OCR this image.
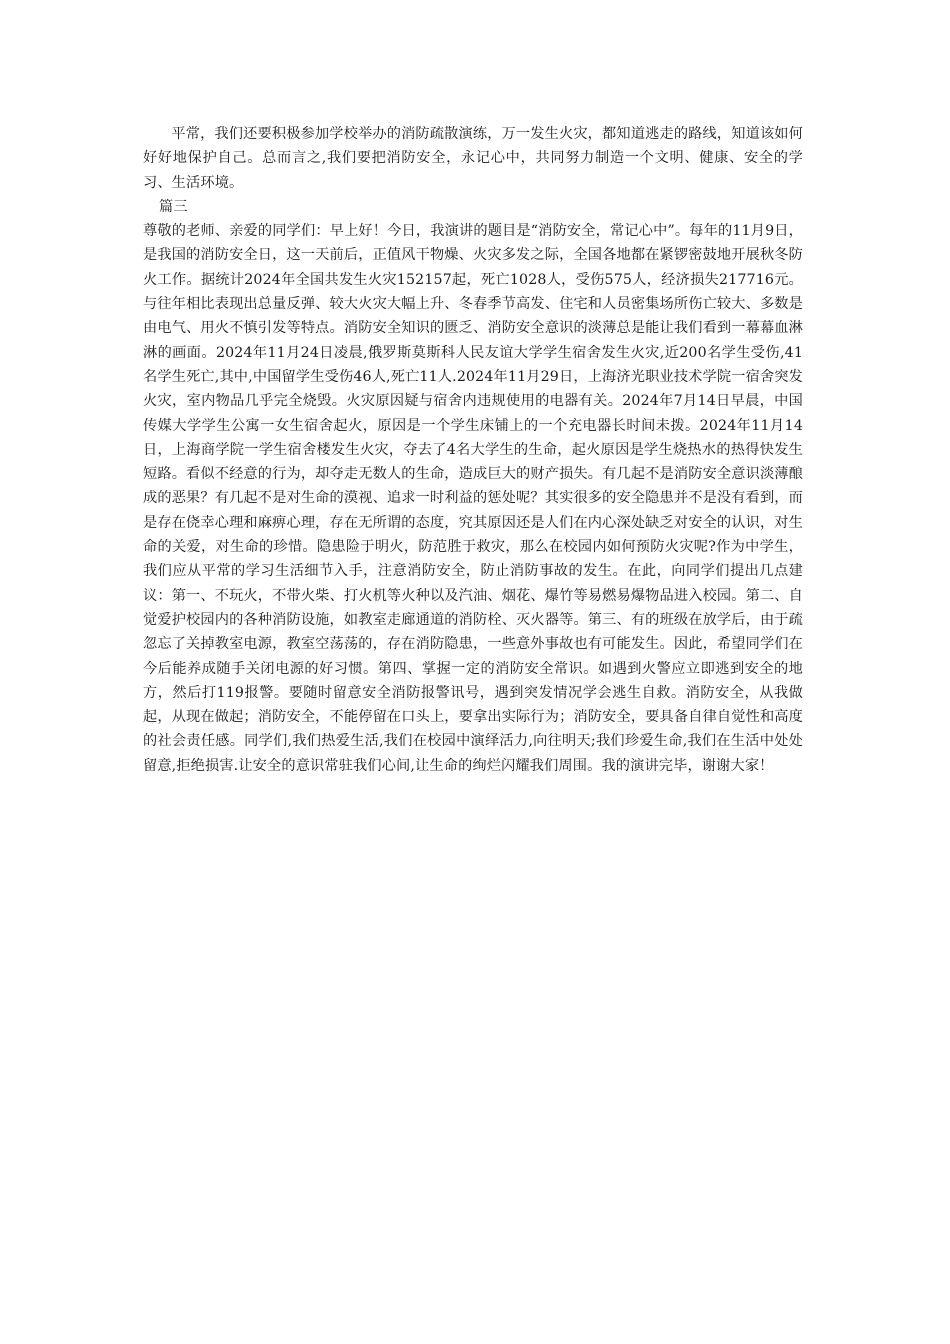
平常，我们还要积极参加学校举办的消防疏散演练，万一发生火灾，都知道逃走的路线，知道该如何好好地保护自己。总而言之,我们要把消防安全，永记心中，共同努力制造一个文明、健康、安全的学习、生活环境。

篇三

尊敬的老师、亲爱的同学们：早上好！今日，我演讲的题目是“消防安全，常记心中”。每年的11月9日，是我国的消防安全日，这一天前后，正值风干物燥、火灾多发之际，全国各地都在紧锣密鼓地开展秋冬防火工作。据统计2024年全国共发生火灾152157起，死亡1028人，受伤575人，经济损失217716元。与往年相比表现出总量反弹、较大火灾大幅上升、冬春季节高发、住宅和人员密集场所伤亡较大、多数是由电气、用火不慎引发等特点。消防安全知识的匮乏、消防安全意识的淡薄总是能让我们看到一幕幕血淋淋的画面。2024年11月24日凌晨,俄罗斯莫斯科人民友谊大学学生宿舍发生火灾,近200名学生受伤,41名学生死亡,其中,中国留学生受伤46人,死亡11人.2024年11月29日，上海济光职业技术学院一宿舍突发火灾，室内物品几乎完全烧毁。火灾原因疑与宿舍内违规使用的电器有关。2024年7月14日早晨，中国传媒大学学生公寓一女生宿舍起火，原因是一个学生床铺上的一个充电器长时间未拨。2024年11月14日，上海商学院一学生宿舍楼发生火灾，夺去了4名大学生的生命，起火原因是学生烧热水的热得快发生短路。看似不经意的行为，却夺走无数人的生命，造成巨大的财产损失。有几起不是消防安全意识淡薄酿成的恶果？有几起不是对生命的漠视、追求一时利益的惩处呢？其实很多的安全隐患并不是没有看到，而是存在侥幸心理和麻痹心理，存在无所谓的态度，究其原因还是人们在内心深处缺乏对安全的认识，对生命的关爱，对生命的珍惜。隐患险于明火，防范胜于救灾，那么在校园内如何预防火灾呢?作为中学生，我们应从平常的学习生活细节入手，注意消防安全，防止消防事故的发生。在此，向同学们提出几点建议：第一、不玩火，不带火柴、打火机等火种以及汽油、烟花、爆竹等易燃易爆物品进入校园。第二、自觉爱护校园内的各种消防设施，如教室走廊通道的消防栓、灭火器等。第三、有的班级在放学后，由于疏忽忘了关掉教室电源，教室空荡荡的，存在消防隐患，一些意外事故也有可能发生。因此，希望同学们在今后能养成随手关闭电源的好习惯。第四、掌握一定的消防安全常识。如遇到火警应立即逃到安全的地方，然后打119报警。要随时留意安全消防报警讯号，遇到突发情况学会逃生自救。消防安全，从我做起，从现在做起；消防安全，不能停留在口头上，要拿出实际行为；消防安全，要具备自律自觉性和高度的社会责任感。同学们,我们热爱生活,我们在校园中演绎活力,向往明天;我们珍爱生命,我们在生活中处处留意,拒绝损害.让安全的意识常驻我们心间,让生命的绚烂闪耀我们周围。我的演讲完毕，谢谢大家！
